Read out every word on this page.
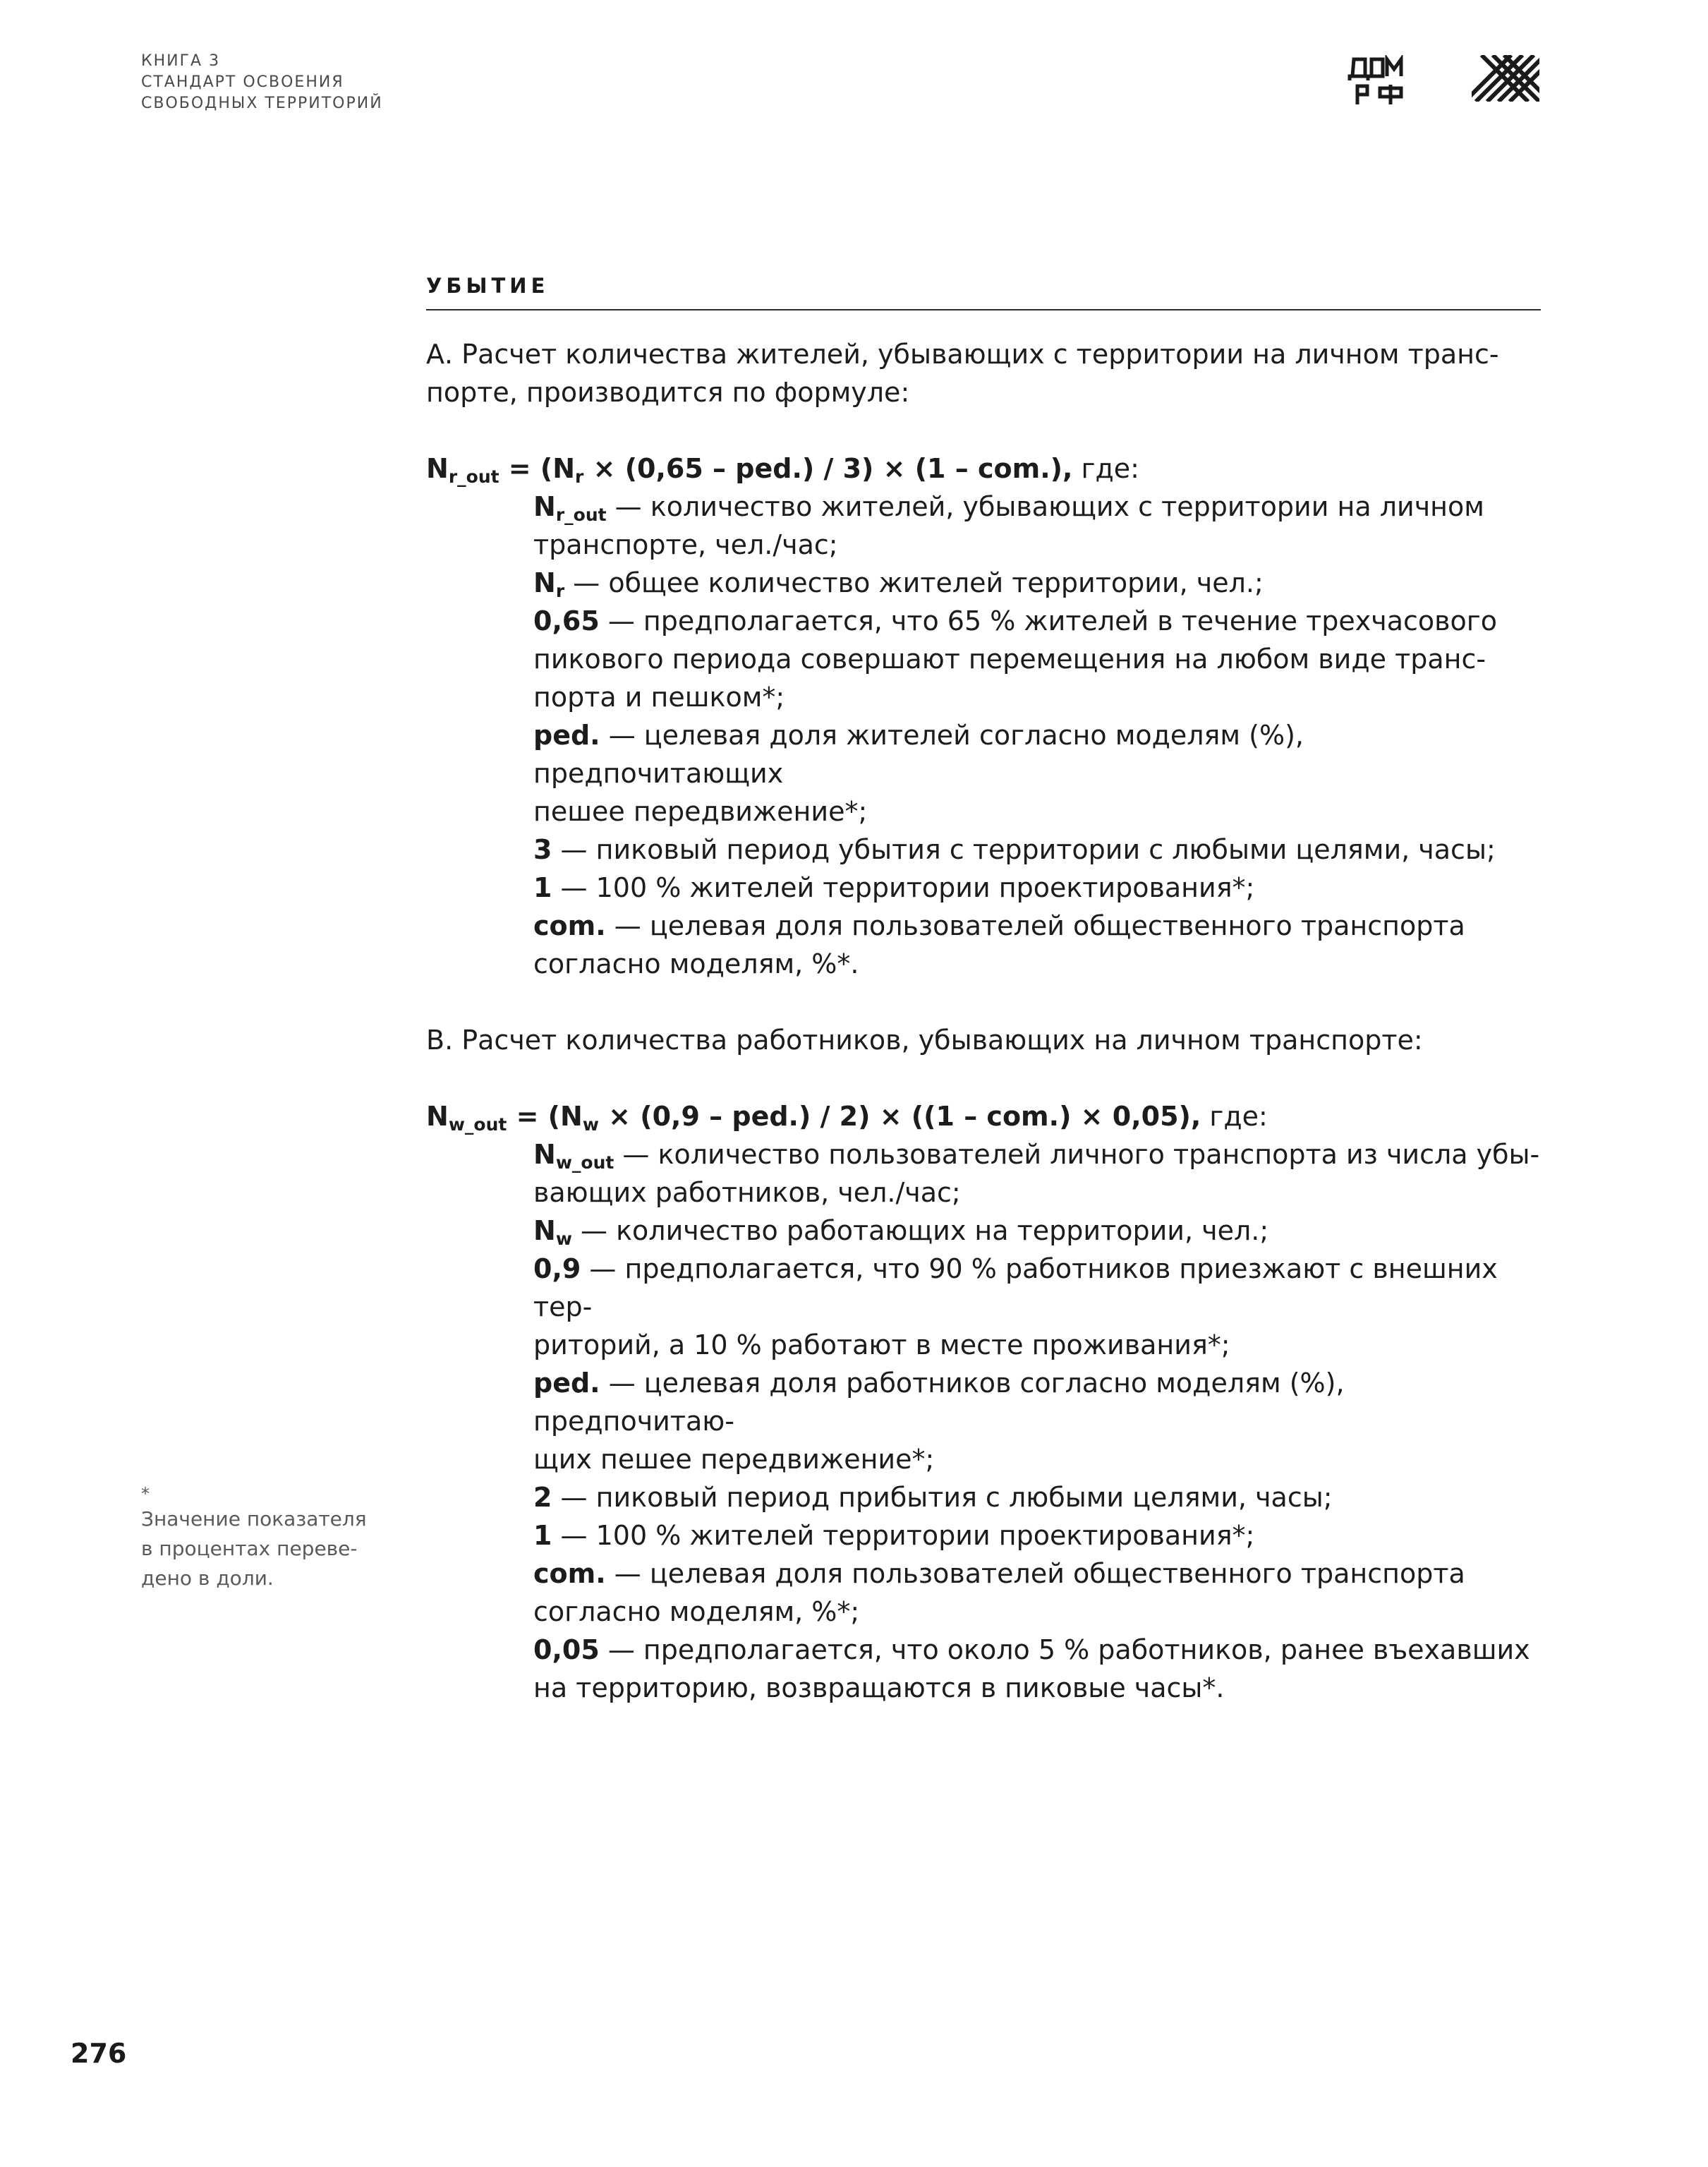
КНИГА 3
СТАНДАРТ ОСВОЕНИЯ
СВОБОДНЫХ ТЕРРИТОРИЙ
УБЫТИЕ

А. Расчет количества жителей, убывающих с территории на личном транс-
порте, производится по формуле:

$N_{r\_out} = (N_r \times (0,65 - ped.) / 3) \times (1 - com.)$, где:

$N_{r\_out}$ — количество жителей, убывающих с территории на личном
транспорте, чел./час;

$N_r$ — общее количество жителей территории, чел.;

0,65 — предполагается, что 65 % жителей в течение трехчасового
пикового периода совершают перемещения на любом виде транс-
порта и пешком*;

ped. — целевая доля жителей согласно моделям (%), предпочитающих
пешее передвижение*;

3 — пиковый период убытия с территории с любыми целями, часы;

1 — 100 % жителей территории проектирования*;

com. — целевая доля пользователей общественного транспорта
согласно моделям, %*.

В. Расчет количества работников, убывающих на личном транспорте:

$N_{w\_out} = (N_w \times (0,9 - ped.) / 2) \times ((1 - com.) \times 0,05)$, где:

$N_{w\_out}$ — количество пользователей личного транспорта из числа убы-
вающих работников, чел./час;

$N_w$ — количество работающих на территории, чел.;

0,9 — предполагается, что 90 % работников приезжают с внешних тер-
риторий, а 10 % работают в месте проживания*;

ped. — целевая доля работников согласно моделям (%), предпочитаю-
щих пешее передвижение*;

2 — пиковый период прибытия с любыми целями, часы;

1 — 100 % жителей территории проектирования*;

com. — целевая доля пользователей общественного транспорта
согласно моделям, %*;

0,05 — предполагается, что около 5 % работников, ранее въехавших
на территорию, возвращаются в пиковые часы*.

*
Значение показателя
в процентах переве-
дено в доли.
276
